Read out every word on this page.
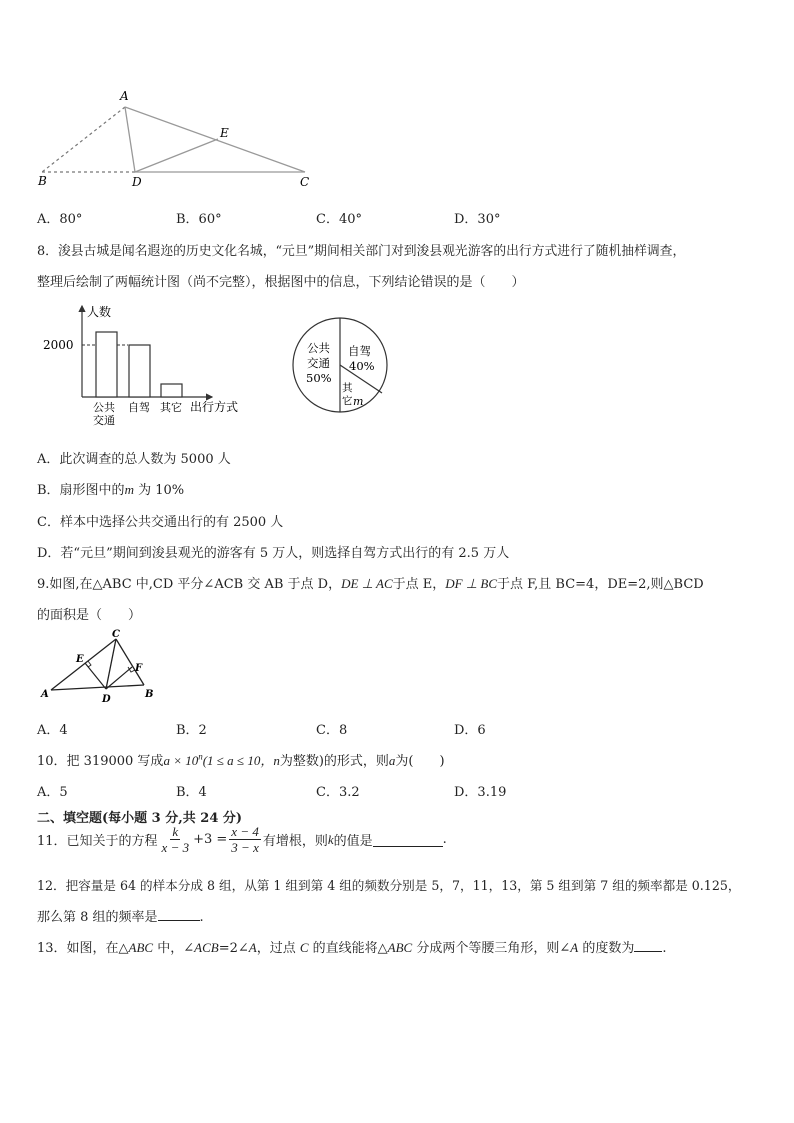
A
B	D	C
E
A．80°	B．60°	C．40°	D．30°
8．浚县古城是闻名遐迩的历史文化名城，“元旦”期间相关部门对到浚县观光游客的出行方式进行了随机抽样调查，
整理后绘制了两幅统计图（尚不完整），根据图中的信息，下列结论错误的是（　　）
人数
2000
出行方式
公共
交通
自驾 其它
公共
交通
50%
自驾
40%
其
它 m
A．此次调查的总人数为 5000 人
B．扇形图中的m 为 10%
C．样本中选择公共交通出行的有 2500 人
D．若“元旦”期间到浚县观光的游客有 5 万人，则选择自驾方式出行的有 2.5 万人
9.如图,在△ABC 中,CD 平分∠ACB 交 AB 于点 D，DE ⊥ AC于点 E，DF ⊥ BC于点 F,且 BC=4，DE=2,则△BCD
的面积是（　　）
C
E
F
A	D	B
A．4	B．2	C．8	D．6
10．把 319000 写成$a \times 10^n(1 \le a \le 10$，n为整数)的形式，则a为(　　)
A．5	B．4	C．3.2	D．3.19
二、填空题(每小题 3 分,共 24 分)
11．已知关于的方程 $\frac{k}{x - 3} +3 = \frac{x - 4}{3 - x}$ 有增根，则 k 的值是	.
12．把容量是 64 的样本分成 8 组，从第 1 组到第 4 组的频数分别是 5，7，11，13，第 5 组到第 7 组的频率都是 0.125，
那么第 8 组的频率是	.
13．如图，在△ABC 中，∠ACB=2∠A，过点 C 的直线能将△ABC 分成两个等腰三角形，则∠A 的度数为 .
